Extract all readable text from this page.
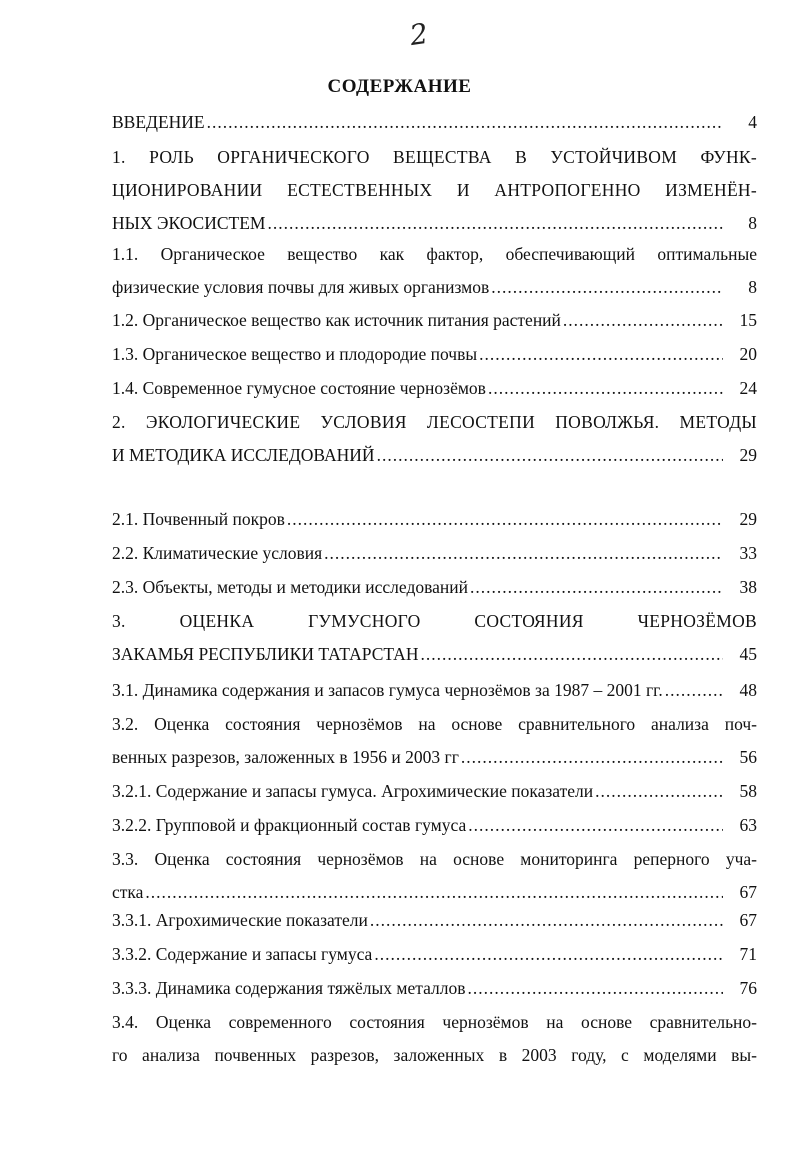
2
СОДЕРЖАНИЕ
ВВЕДЕНИЕ .....	4
1. РОЛЬ ОРГАНИЧЕСКОГО ВЕЩЕСТВА В УСТОЙЧИВОМ ФУНК-
ЦИОНИРОВАНИИ ЕСТЕСТВЕННЫХ И АНТРОПОГЕННО ИЗМЕНЁН-
НЫХ ЭКОСИСТЕМ .....	8
1.1. Органическое вещество как фактор, обеспечивающий оптимальные
физические условия почвы для живых организмов .....	8
1.2. Органическое вещество как источник питания растений .....	15
1.3. Органическое вещество и плодородие почвы .....	20
1.4. Современное гумусное состояние чернозёмов .....	24
2. ЭКОЛОГИЧЕСКИЕ УСЛОВИЯ ЛЕСОСТЕПИ ПОВОЛЖЬЯ. МЕТОДЫ
И МЕТОДИКА ИССЛЕДОВАНИЙ .....	29
2.1. Почвенный покров .....	29
2.2. Климатические условия .....	33
2.3. Объекты, методы и методики исследований .....	38
3. ОЦЕНКА ГУМУСНОГО СОСТОЯНИЯ ЧЕРНОЗЁМОВ
ЗАКАМЬЯ РЕСПУБЛИКИ ТАТАРСТАН .....	45
3.1. Динамика содержания и запасов гумуса чернозёмов за 1987 – 2001 гг. .....	48
3.2. Оценка состояния чернозёмов на основе сравнительного анализа поч-
венных разрезов, заложенных в 1956 и 2003 гг .....	56
3.2.1. Содержание и запасы гумуса. Агрохимические показатели .....	58
3.2.2. Групповой и фракционный состав гумуса .....	63
3.3. Оценка состояния чернозёмов на основе мониторинга реперного уча-
стка .....	67
3.3.1. Агрохимические показатели .....	67
3.3.2. Содержание и запасы гумуса .....	71
3.3.3. Динамика содержания тяжёлых металлов .....	76
3.4. Оценка современного состояния чернозёмов на основе сравнительно-
го анализа почвенных разрезов, заложенных в 2003 году, с моделями вы-
